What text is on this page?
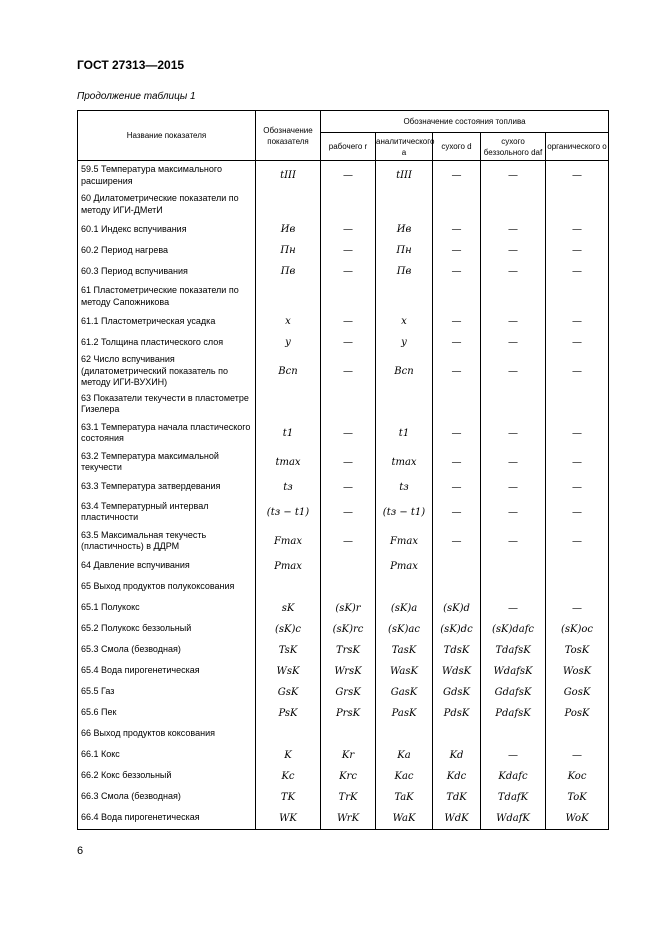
ГОСТ 27313—2015
Продолжение таблицы 1
Название показателя	Обозначение показателя	Обозначение состояния топлива				
		рабочего r	аналитического a	сухого d	сухого беззольного daf	органического o
59.5 Температура максимального расширения	tIII	—	tIII	—	—	—
60 Дилатометрические показатели по методу ИГИ-ДМетИ						
60.1 Индекс вспучивания	Ив	—	Ив	—	—	—
60.2 Период нагрева	Пн	—	Пн	—	—	—
60.3 Период вспучивания	Пв	—	Пв	—	—	—
61 Пластометрические показатели по методу Сапожникова						
61.1 Пластометрическая усадка	x	—	x	—	—	—
61.2 Толщина пластического слоя	y	—	y	—	—	—
62 Число вспучивания (дилатометрический показатель по методу ИГИ-ВУХИН)	Всп	—	Всп	—	—	—
63 Показатели текучести в пластометре Гизелера						
63.1 Температура начала пластического состояния	t1	—	t1	—	—	—
63.2 Температура максимальной текучести	tmax	—	tmax	—	—	—
63.3 Температура затвердевания	tз	—	tз	—	—	—
63.4 Температурный интервал пластичности	(tз − t1)	—	(tз − t1)	—	—	—
63.5 Максимальная текучесть (пластичность) в ДДРМ	Fmax	—	Fmax	—	—	—
64 Давление вспучивания	Pmax		Pmax			
65 Выход продуктов полукоксования						
65.1 Полукокс	sK	(sK)r	(sK)a	(sK)d	—	—
65.2 Полукокс беззольный	(sK)c	(sK)rc	(sK)ac	(sK)dc	(sK)dafc	(sK)oc
65.3 Смола (безводная)	TsK	TrsK	TasK	TdsK	TdafsK	TosK
65.4 Вода пирогенетическая	WsK	WrsK	WasK	WdsK	WdafsK	WosK
65.5 Газ	GsK	GrsK	GasK	GdsK	GdafsK	GosK
65.6 Пек	PsK	PrsK	PasK	PdsK	PdafsK	PosK
66 Выход продуктов коксования						
66.1 Кокс	K	Kr	Ka	Kd	—	—
66.2 Кокс беззольный	Kc	Krc	Kac	Kdc	Kdafc	Koc
66.3 Смола (безводная)	TK	TrK	TaK	TdK	TdafK	ToK
66.4 Вода пирогенетическая	WK	WrK	WaK	WdK	WdafK	WoK
6
